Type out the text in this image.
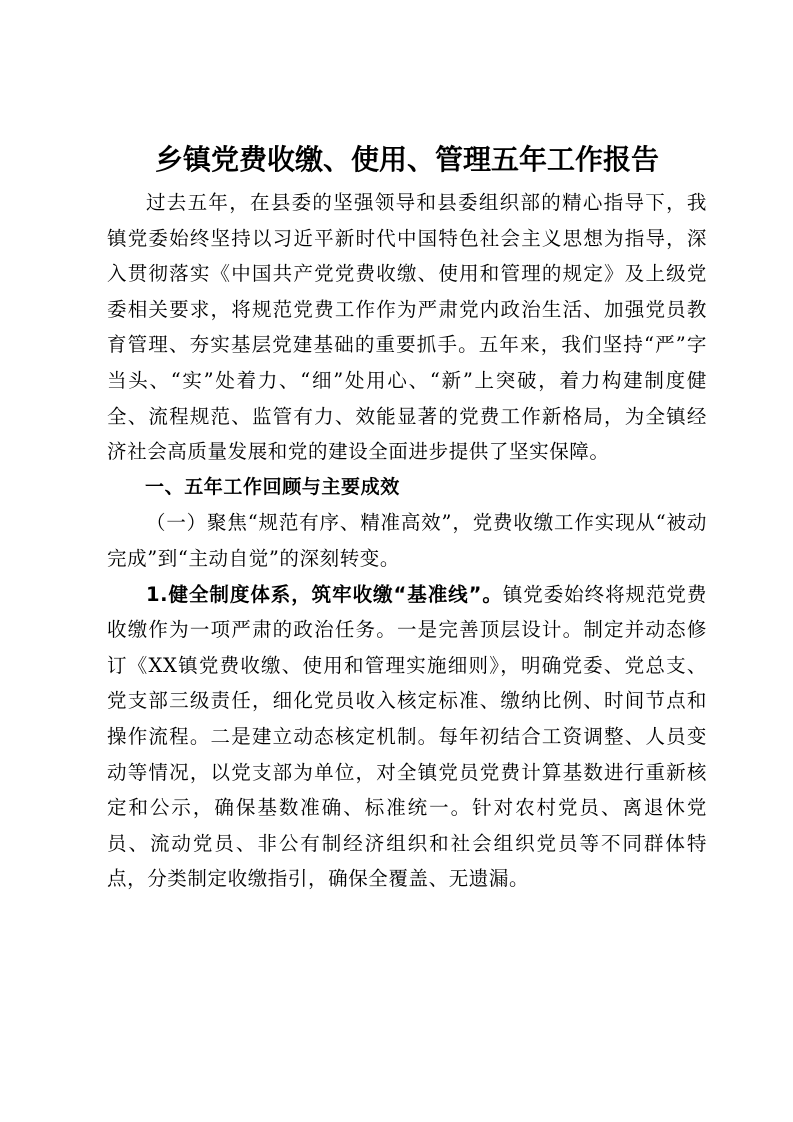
乡镇党费收缴、使用、管理五年工作报告

过去五年，在县委的坚强领导和县委组织部的精心指导下，我镇党委始终坚持以习近平新时代中国特色社会主义思想为指导，深入贯彻落实《中国共产党党费收缴、使用和管理的规定》及上级党委相关要求，将规范党费工作作为严肃党内政治生活、加强党员教育管理、夯实基层党建基础的重要抓手。五年来，我们坚持“严”字当头、“实”处着力、“细”处用心、“新”上突破，着力构建制度健全、流程规范、监管有力、效能显著的党费工作新格局，为全镇经济社会高质量发展和党的建设全面进步提供了坚实保障。

一、五年工作回顾与主要成效

（一）聚焦“规范有序、精准高效”，党费收缴工作实现从“被动完成”到“主动自觉”的深刻转变。

1.健全制度体系，筑牢收缴“基准线”。镇党委始终将规范党费收缴作为一项严肃的政治任务。一是完善顶层设计。制定并动态修订《XX镇党费收缴、使用和管理实施细则》，明确党委、党总支、党支部三级责任，细化党员收入核定标准、缴纳比例、时间节点和操作流程。二是建立动态核定机制。每年初结合工资调整、人员变动等情况，以党支部为单位，对全镇党员党费计算基数进行重新核定和公示，确保基数准确、标准统一。针对农村党员、离退休党员、流动党员、非公有制经济组织和社会组织党员等不同群体特点，分类制定收缴指引，确保全覆盖、无遗漏。
